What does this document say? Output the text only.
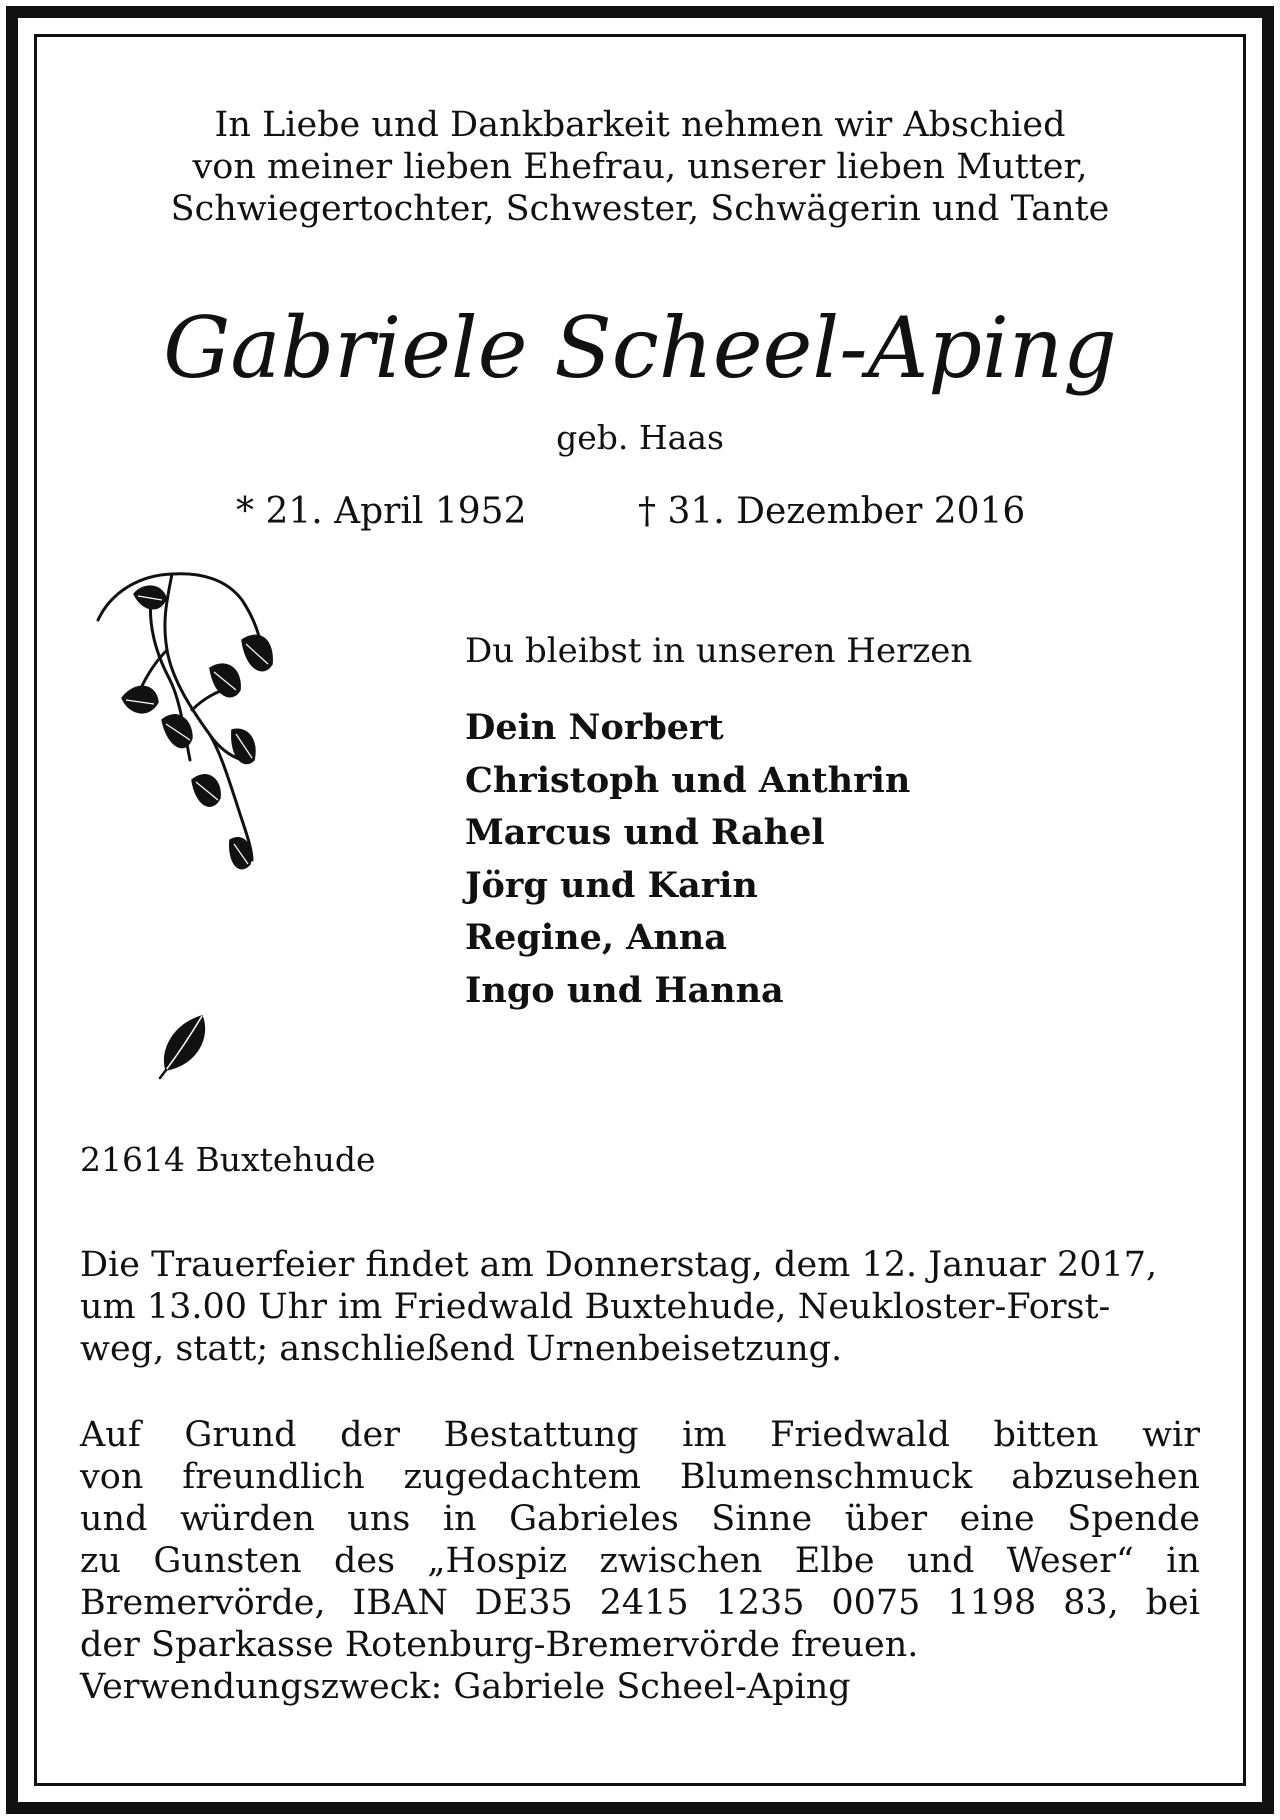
In Liebe und Dankbarkeit nehmen wir Abschied
von meiner lieben Ehefrau, unserer lieben Mutter,
Schwiegertochter, Schwester, Schwägerin und Tante
Gabriele Scheel-Aping
geb. Haas
* 21. April 1952	† 31. Dezember 2016
Du bleibst in unseren Herzen
Dein Norbert
Christoph und Anthrin
Marcus und Rahel
Jörg und Karin
Regine, Anna
Ingo und Hanna
21614 Buxtehude
Die Trauerfeier findet am Donnerstag, dem 12. Januar 2017,
um 13.00 Uhr im Friedwald Buxtehude, Neukloster-Forst-
weg, statt; anschließend Urnenbeisetzung.
Auf Grund der Bestattung im Friedwald bitten wir
von freundlich zugedachtem Blumenschmuck abzusehen
und würden uns in Gabrieles Sinne über eine Spende
zu Gunsten des „Hospiz zwischen Elbe und Weser“ in
Bremervörde, IBAN DE35 2415 1235 0075 1198 83, bei
der Sparkasse Rotenburg-Bremervörde freuen.
Verwendungszweck: Gabriele Scheel-Aping
